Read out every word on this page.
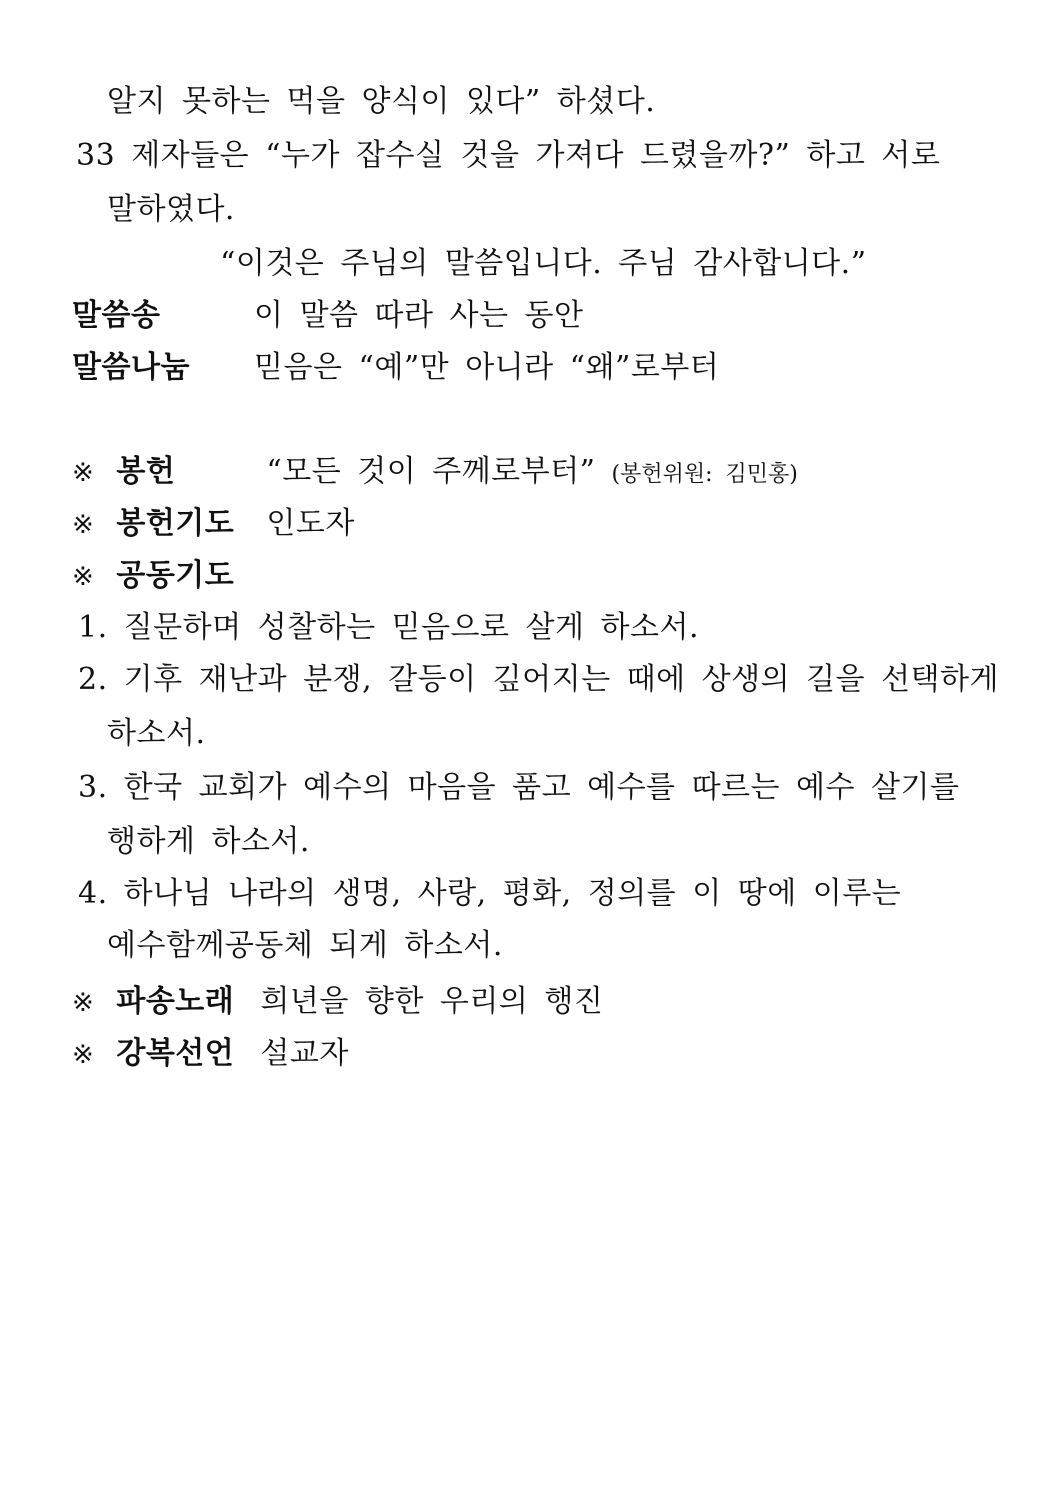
알지 못하는 먹을 양식이 있다” 하셨다.
33 제자들은 “누가 잡수실 것을 가져다 드렸을까?” 하고 서로
말하였다.
“이것은 주님의 말씀입니다. 주님 감사합니다.”
말씀송	이 말씀 따라 사는 동안
말씀나눔 믿음은 “예”만 아니라 “왜”로부터
※ 봉헌	“모든 것이 주께로부터” (봉헌위원: 김민홍)
※ 봉헌기도 인도자
※ 공동기도
1. 질문하며 성찰하는 믿음으로 살게 하소서.
2. 기후 재난과 분쟁, 갈등이 깊어지는 때에 상생의 길을 선택하게
하소서.
3. 한국 교회가 예수의 마음을 품고 예수를 따르는 예수 살기를
행하게 하소서.
4. 하나님 나라의 생명, 사랑, 평화, 정의를 이 땅에 이루는
예수함께공동체 되게 하소서.
※ 파송노래 희년을 향한 우리의 행진
※ 강복선언 설교자
